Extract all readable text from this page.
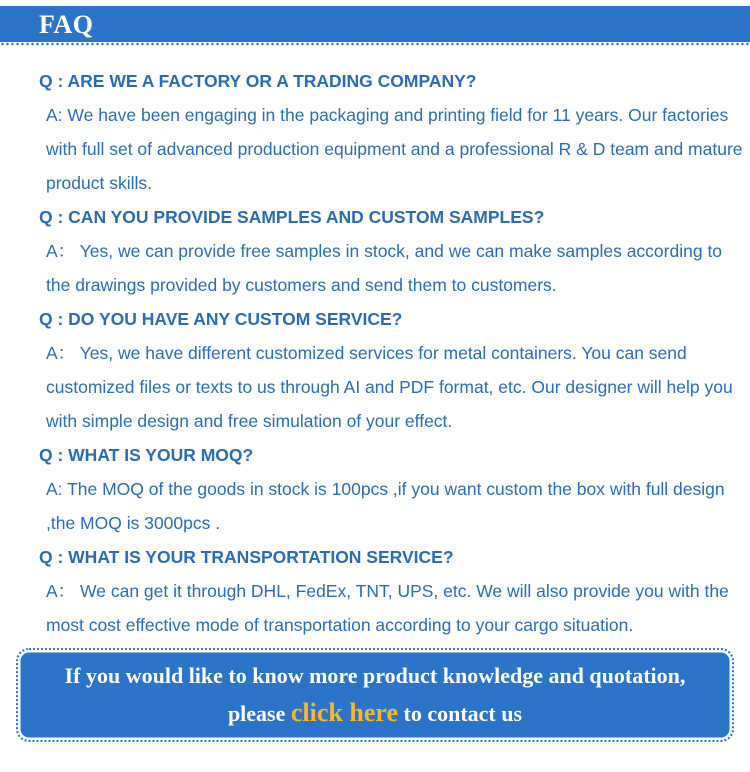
FAQ
Q : ARE WE A FACTORY OR A TRADING COMPANY?
A: We have been engaging in the packaging and printing field for 11 years. Our factories with full set of advanced production equipment and a professional R & D team and mature product skills.
Q : CAN YOU PROVIDE SAMPLES AND CUSTOM SAMPLES?
A： Yes, we can provide free samples in stock, and we can make samples according to the drawings provided by customers and send them to customers.
Q : DO YOU HAVE ANY CUSTOM SERVICE?
A： Yes, we have different customized services for metal containers. You can send customized files or texts to us through AI and PDF format, etc. Our designer will help you with simple design and free simulation of your effect.
Q : WHAT IS YOUR MOQ?
A: The MOQ of the goods in stock is 100pcs ,if you want custom the box with full design ,the MOQ is 3000pcs .
Q : WHAT IS YOUR TRANSPORTATION SERVICE?
A： We can get it through DHL, FedEx, TNT, UPS, etc. We will also provide you with the most cost effective mode of transportation according to your cargo situation.
If you would like to know more product knowledge and quotation,
please click here to contact us
